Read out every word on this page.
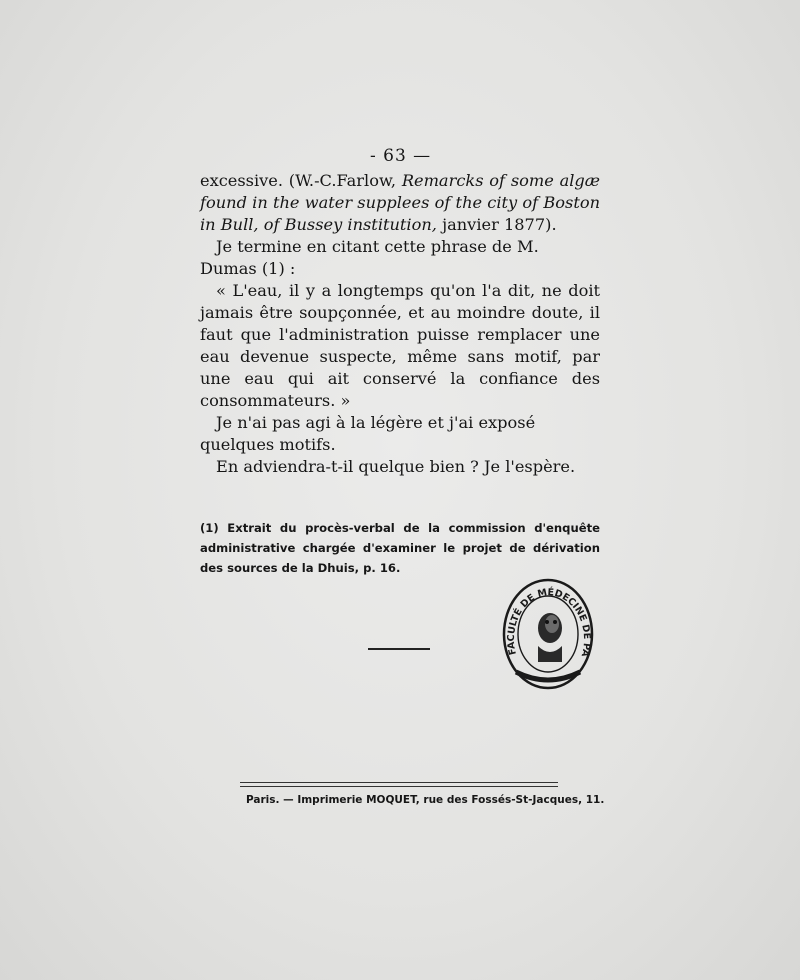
- 63 —

excessive. (W.-C.Farlow, Remarcks of some algæ found in the water supplees of the city of Boston in Bull, of Bussey institution, janvier 1877).

Je termine en citant cette phrase de M. Dumas (1) :

« L'eau, il y a longtemps qu'on l'a dit, ne doit jamais être soupçonnée, et au moindre doute, il faut que l'administration puisse remplacer une eau devenue suspecte, même sans motif, par une eau qui ait conservé la confiance des consommateurs. »

Je n'ai pas agi à la légère et j'ai exposé quelques motifs.

En adviendra-t-il quelque bien ? Je l'espère.

(1) Extrait du procès-verbal de la commission d'enquête administrative chargée d'examiner le projet de dérivation des sources de la Dhuis, p. 16.
FACULTÉ DE MÉDECINE DE PA
Paris. — Imprimerie MOQUET, rue des Fossés-St-Jacques, 11.
